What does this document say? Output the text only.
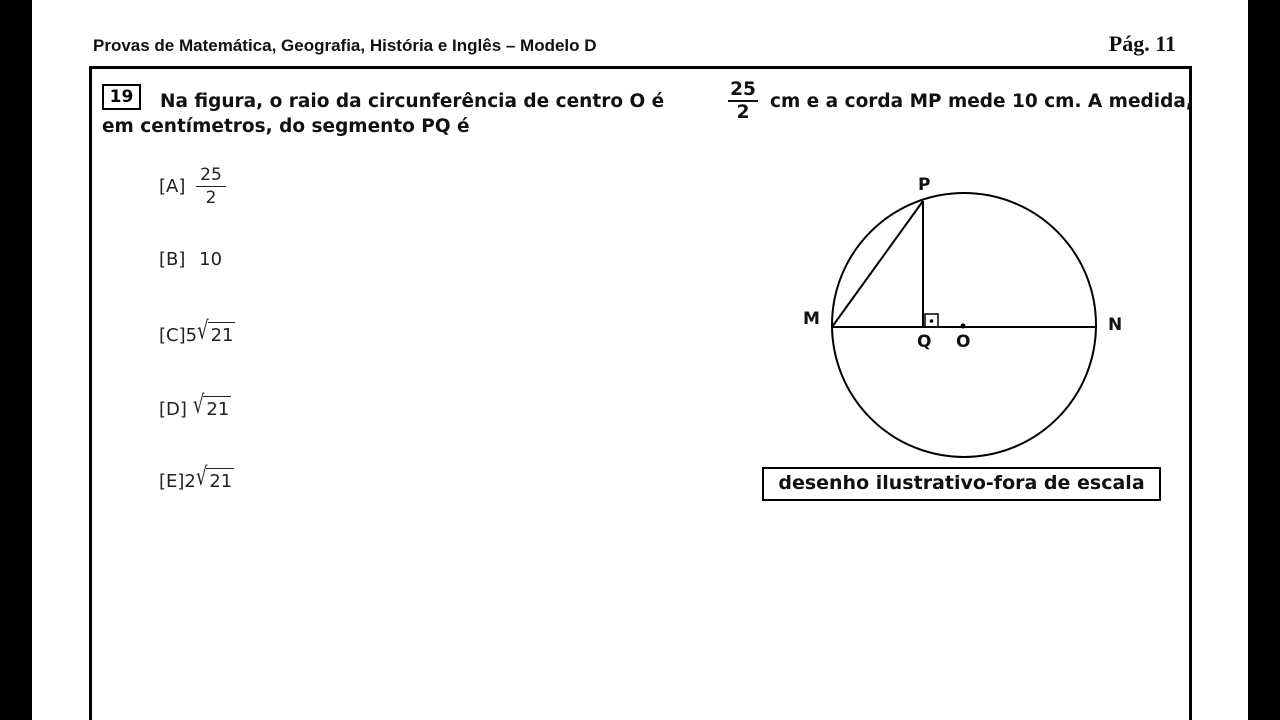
Provas de Matemática, Geografia, História e Inglês – Modelo D	Pág. 11
19	Na figura, o raio da circunferência de centro O é	$\frac{25}{2}$ cm e a corda MP mede 10 cm. A medida,
em centímetros, do segmento PQ é
$[A] \frac{25}{2}$
[B] 10
[C]5√ 21
[D] √ 21
[E]2√ 21
P
M	N
Q O
desenho ilustrativo-fora de escala
